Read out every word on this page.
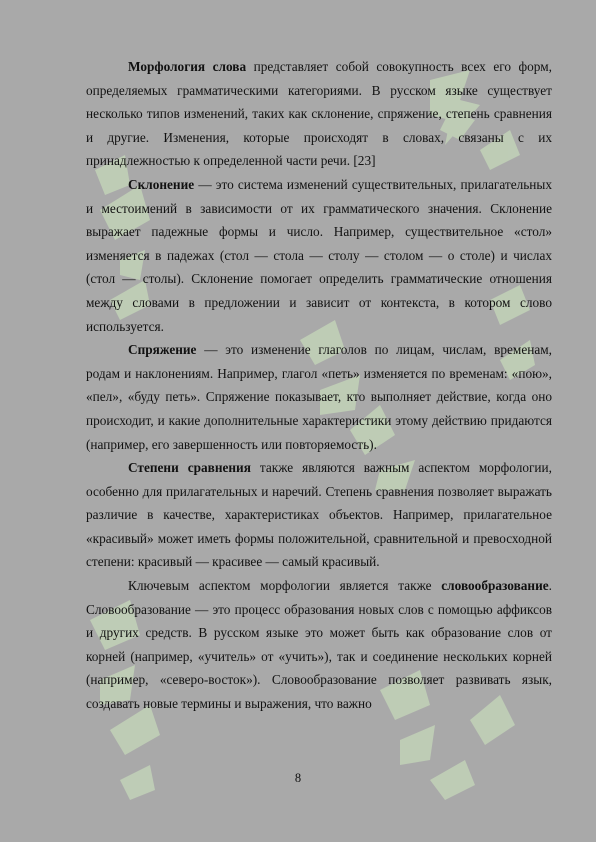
Морфология слова представляет собой совокупность всех его форм, определяемых грамматическими категориями. В русском языке существует несколько типов изменений, таких как склонение, спряжение, степень сравнения и другие. Изменения, которые происходят в словах, связаны с их принадлежностью к определенной части речи. [23]

Склонение — это система изменений существительных, прилагательных и местоимений в зависимости от их грамматического значения. Склонение выражает падежные формы и число. Например, существительное «стол» изменяется в падежах (стол — стола — столу — столом — о столе) и числах (стол — столы). Склонение помогает определить грамматические отношения между словами в предложении и зависит от контекста, в котором слово используется.

Спряжение — это изменение глаголов по лицам, числам, временам, родам и наклонениям. Например, глагол «петь» изменяется по временам: «пою», «пел», «буду петь». Спряжение показывает, кто выполняет действие, когда оно происходит, и какие дополнительные характеристики этому действию придаются (например, его завершенность или повторяемость).

Степени сравнения также являются важным аспектом морфологии, особенно для прилагательных и наречий. Степень сравнения позволяет выражать различие в качестве, характеристиках объектов. Например, прилагательное «красивый» может иметь формы положительной, сравнительной и превосходной степени: красивый — красивее — самый красивый.

Ключевым аспектом морфологии является также словообразование. Словообразование — это процесс образования новых слов с помощью аффиксов и других средств. В русском языке это может быть как образование слов от корней (например, «учитель» от «учить»), так и соединение нескольких корней (например, «северо-восток»). Словообразование позволяет развивать язык, создавать новые термины и выражения, что важно

8
